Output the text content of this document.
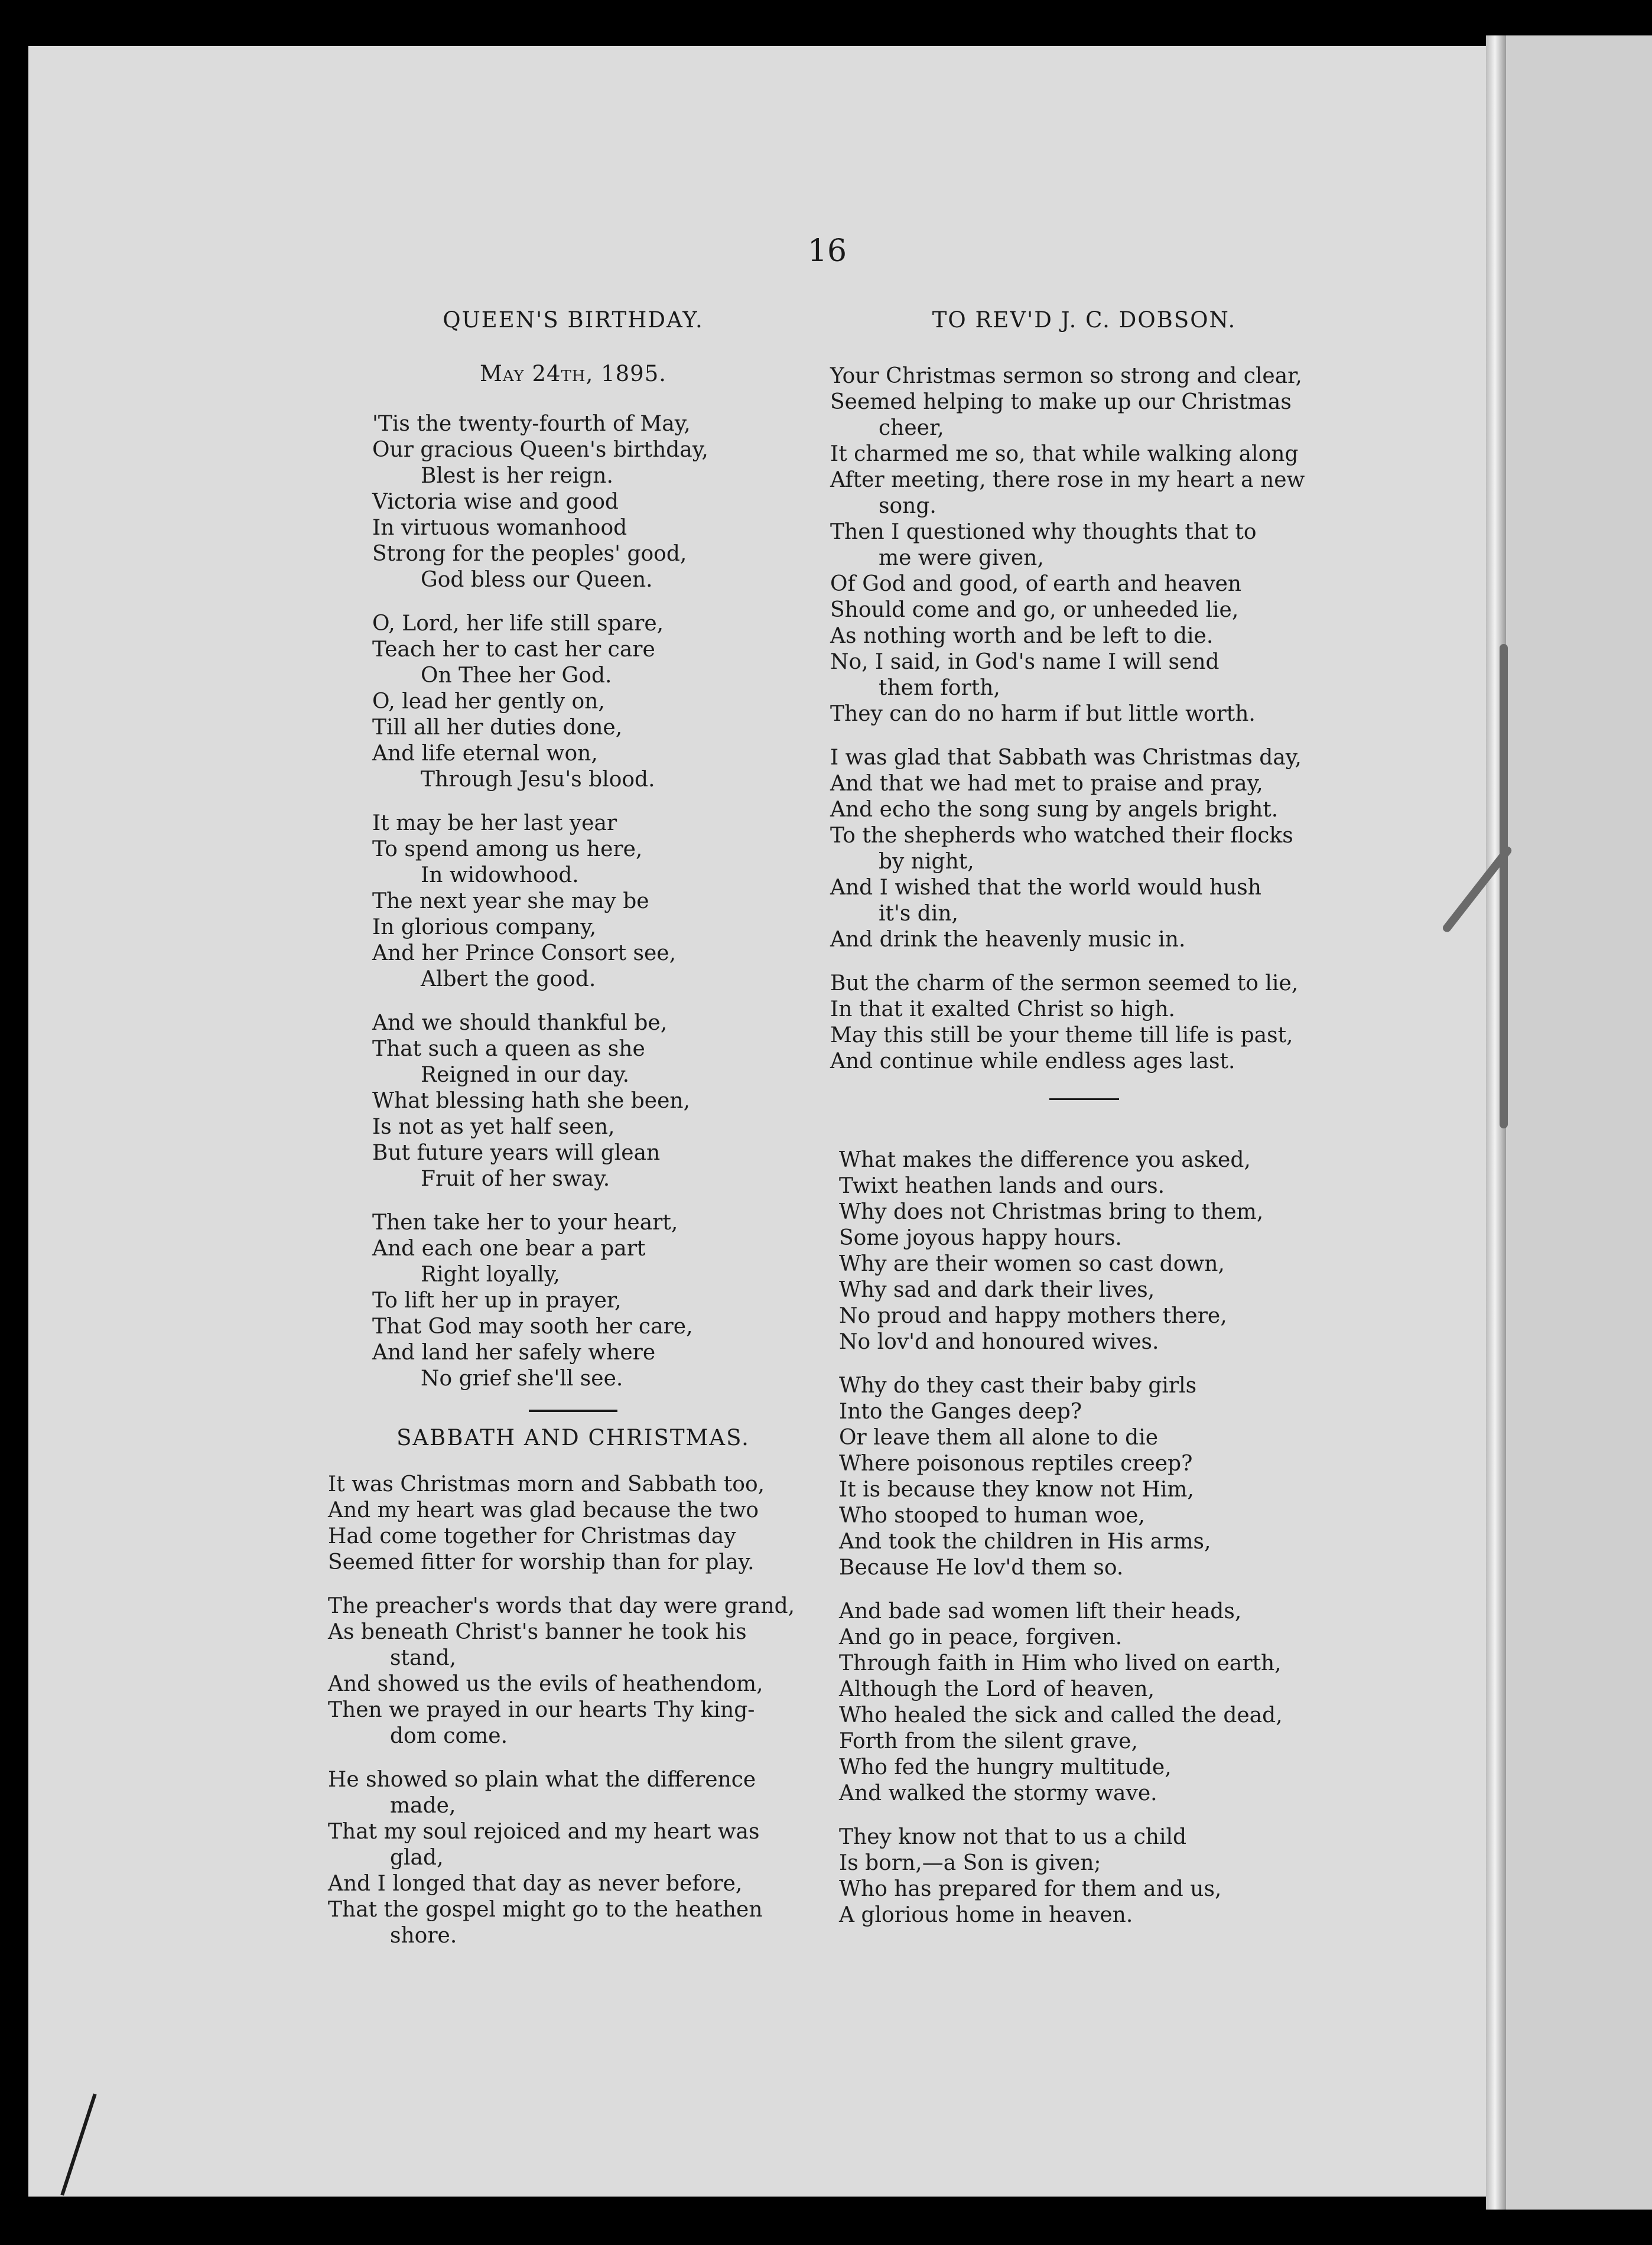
16
QUEEN'S BIRTHDAY.
May 24th, 1895.
'Tis the twenty-fourth of May,
Our gracious Queen's birthday,
Blest is her reign.
Victoria wise and good
In virtuous womanhood
Strong for the peoples' good,
God bless our Queen.
O, Lord, her life still spare,
Teach her to cast her care
On Thee her God.
O, lead her gently on,
Till all her duties done,
And life eternal won,
Through Jesu's blood.
It may be her last year
To spend among us here,
In widowhood.
The next year she may be
In glorious company,
And her Prince Consort see,
Albert the good.
And we should thankful be,
That such a queen as she
Reigned in our day.
What blessing hath she been,
Is not as yet half seen,
But future years will glean
Fruit of her sway.
Then take her to your heart,
And each one bear a part
Right loyally,
To lift her up in prayer,
That God may sooth her care,
And land her safely where
No grief she'll see.
SABBATH AND CHRISTMAS.
It was Christmas morn and Sabbath too,
And my heart was glad because the two
Had come together for Christmas day
Seemed fitter for worship than for play.
The preacher's words that day were grand,
As beneath Christ's banner he took his
stand,
And showed us the evils of heathendom,
Then we prayed in our hearts Thy king-
dom come.
He showed so plain what the difference
made,
That my soul rejoiced and my heart was
glad,
And I longed that day as never before,
That the gospel might go to the heathen
shore.
TO REV'D J. C. DOBSON.
Your Christmas sermon so strong and clear,
Seemed helping to make up our Christmas
cheer,
It charmed me so, that while walking along
After meeting, there rose in my heart a new
song.
Then I questioned why thoughts that to
me were given,
Of God and good, of earth and heaven
Should come and go, or unheeded lie,
As nothing worth and be left to die.
No, I said, in God's name I will send
them forth,
They can do no harm if but little worth.
I was glad that Sabbath was Christmas day,
And that we had met to praise and pray,
And echo the song sung by angels bright.
To the shepherds who watched their flocks
by night,
And I wished that the world would hush
it's din,
And drink the heavenly music in.
But the charm of the sermon seemed to lie,
In that it exalted Christ so high.
May this still be your theme till life is past,
And continue while endless ages last.
What makes the difference you asked,
Twixt heathen lands and ours.
Why does not Christmas bring to them,
Some joyous happy hours.
Why are their women so cast down,
Why sad and dark their lives,
No proud and happy mothers there,
No lov'd and honoured wives.
Why do they cast their baby girls
Into the Ganges deep?
Or leave them all alone to die
Where poisonous reptiles creep?
It is because they know not Him,
Who stooped to human woe,
And took the children in His arms,
Because He lov'd them so.
And bade sad women lift their heads,
And go in peace, forgiven.
Through faith in Him who lived on earth,
Although the Lord of heaven,
Who healed the sick and called the dead,
Forth from the silent grave,
Who fed the hungry multitude,
And walked the stormy wave.
They know not that to us a child
Is born,—a Son is given;
Who has prepared for them and us,
A glorious home in heaven.
